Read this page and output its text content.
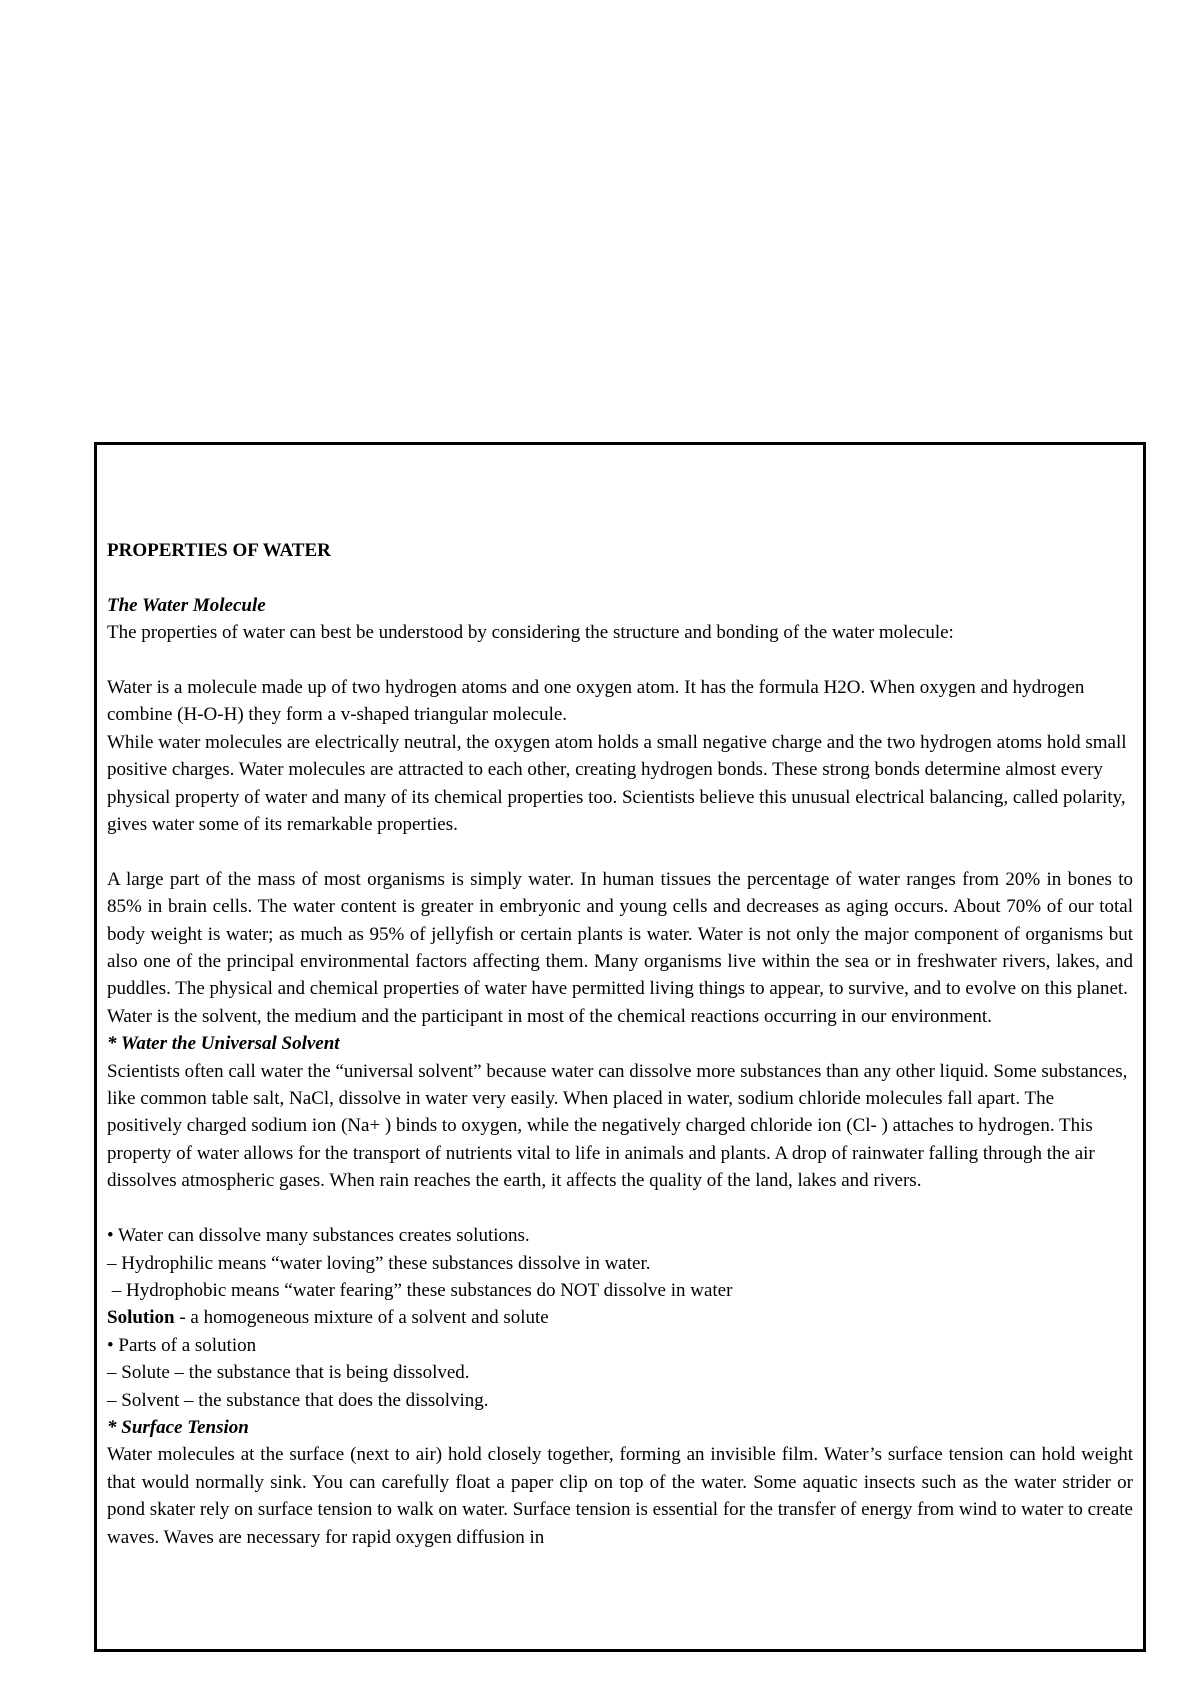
PROPERTIES OF WATER

The Water Molecule

The properties of water can best be understood by considering the structure and bonding of the water molecule:

Water is a molecule made up of two hydrogen atoms and one oxygen atom. It has the formula H2O. When oxygen and hydrogen combine (H-O-H) they form a v-shaped triangular molecule.

While water molecules are electrically neutral, the oxygen atom holds a small negative charge and the two hydrogen atoms hold small positive charges. Water molecules are attracted to each other, creating hydrogen bonds. These strong bonds determine almost every physical property of water and many of its chemical properties too. Scientists believe this unusual electrical balancing, called polarity, gives water some of its remarkable properties.

A large part of the mass of most organisms is simply water. In human tissues the percentage of water ranges from 20% in bones to 85% in brain cells. The water content is greater in embryonic and young cells and decreases as aging occurs. About 70% of our total body weight is water; as much as 95% of jellyfish or certain plants is water. Water is not only the major component of organisms but also one of the principal environmental factors affecting them. Many organisms live within the sea or in freshwater rivers, lakes, and puddles. The physical and chemical properties of water have permitted living things to appear, to survive, and to evolve on this planet.

Water is the solvent, the medium and the participant in most of the chemical reactions occurring in our environment.

* Water the Universal Solvent

Scientists often call water the “universal solvent” because water can dissolve more substances than any other liquid. Some substances, like common table salt, NaCl, dissolve in water very easily. When placed in water, sodium chloride molecules fall apart. The positively charged sodium ion (Na+ ) binds to oxygen, while the negatively charged chloride ion (Cl- ) attaches to hydrogen. This property of water allows for the transport of nutrients vital to life in animals and plants. A drop of rainwater falling through the air dissolves atmospheric gases. When rain reaches the earth, it affects the quality of the land, lakes and rivers.

• Water can dissolve many substances creates solutions.

– Hydrophilic means “water loving” these substances dissolve in water.

– Hydrophobic means “water fearing” these substances do NOT dissolve in water

Solution - a homogeneous mixture of a solvent and solute

• Parts of a solution

– Solute – the substance that is being dissolved.

– Solvent – the substance that does the dissolving.

* Surface Tension

Water molecules at the surface (next to air) hold closely together, forming an invisible film. Water’s surface tension can hold weight that would normally sink. You can carefully float a paper clip on top of the water. Some aquatic insects such as the water strider or pond skater rely on surface tension to walk on water. Surface tension is essential for the transfer of energy from wind to water to create waves. Waves are necessary for rapid oxygen diffusion in
